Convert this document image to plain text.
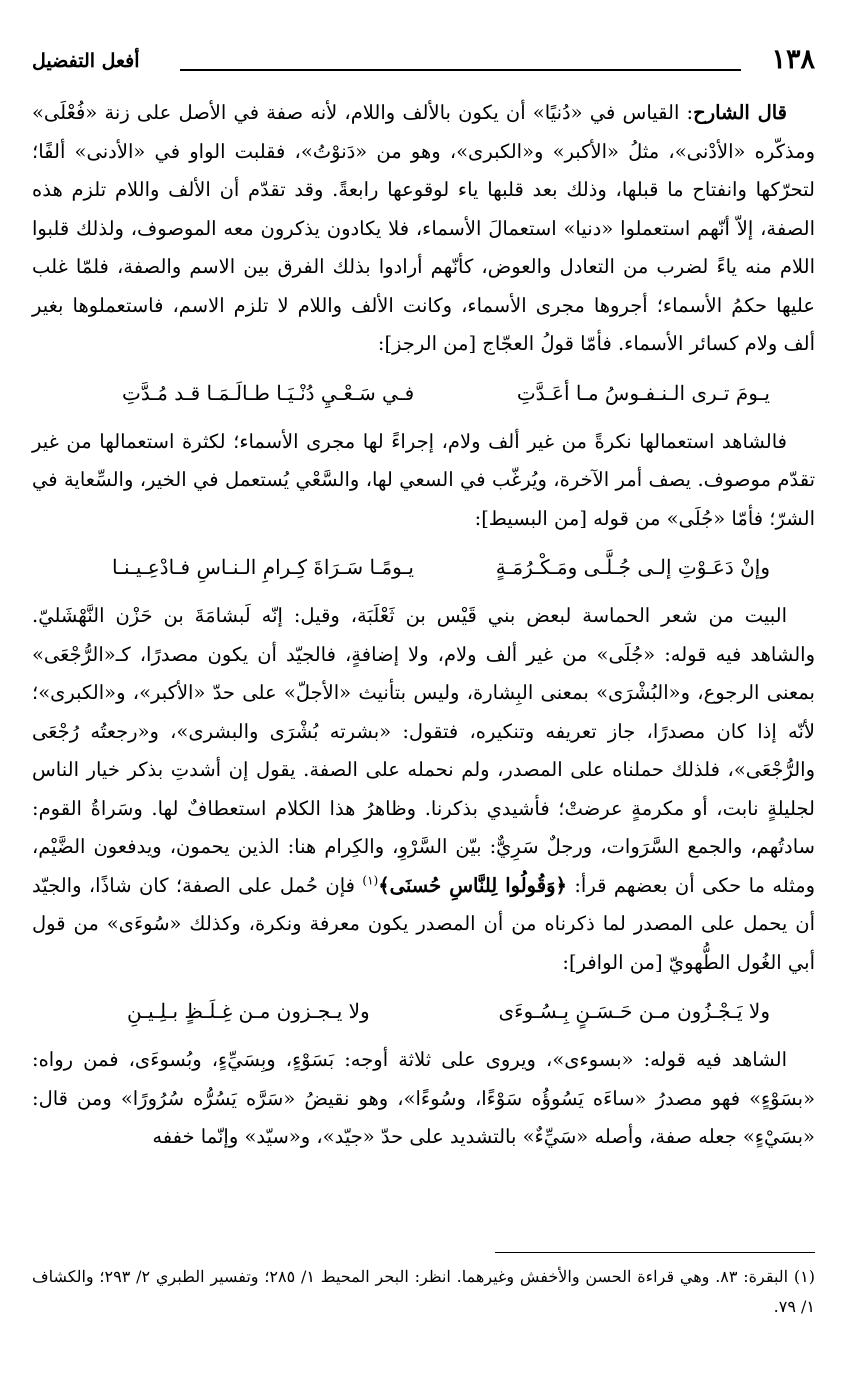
١٣٨
أفعل التفضيل

قال الشارح: القياس في «دُنيًا» أن يكون بالألف واللام، لأنه صفة في الأصل على زنة «فُعْلَى» ومذكّره «الأدْنى»، مثلُ «الأكبر» و«الكبرى»، وهو من «دَنوْتُ»، فقلبت الواو في «الأدنى» ألفًا؛ لتحرّكها وانفتاح ما قبلها، وذلك بعد قلبها ياء لوقوعها رابعةً. وقد تقدّم أن الألف واللام تلزم هذه الصفة، إلاّ أنّهم استعملوا «دنيا» استعمالَ الأسماء، فلا يكادون يذكرون معه الموصوف، ولذلك قلبوا اللام منه ياءً لضرب من التعادل والعوض، كأنّهم أرادوا بذلك الفرق بين الاسم والصفة، فلمّا غلب عليها حكمُ الأسماء؛ أجروها مجرى الأسماء، وكانت الألف واللام لا تلزم الاسم، فاستعملوها بغير ألف ولام كسائر الأسماء. فأمّا قولُ العجّاج [من الرجز]:

يـومَ تـرى الـنـفـوسُ مـا أعَـدَّتِ
فـي سَـعْـيِ دُنْـيَـا طـالَـمَـا قـد مُـدَّتِ

فالشاهد استعمالها نكرةً من غير ألف ولام، إجراءً لها مجرى الأسماء؛ لكثرة استعمالها من غير تقدّم موصوف. يصف أمر الآخرة، ويُرغّب في السعي لها، والسَّعْي يُستعمل في الخير، والسِّعاية في الشرّ؛ فأمّا «جُلَى» من قوله [من البسيط]:

وإنْ دَعَـوْتِ إلـى جُـلَّـى ومَـكْـرُمَـةٍ
يـومًـا سَـرَاةَ كِـرامِ الـنـاسِ فـادْعِـيـنـا

البيت من شعر الحماسة لبعض بني قَيْس بن ثَعْلَبَة، وقيل: إنّه لَبشامَةَ بن حَزْن النَّهْشَليّ. والشاهد فيه قوله: «جُلَى» من غير ألف ولام، ولا إضافةٍ، فالجيّد أن يكون مصدرًا، كـ«الرُّجْعَى» بمعنى الرجوع، و«البُشْرَى» بمعنى البِشارة، وليس بتأنيث «الأجلّ» على حدّ «الأكبر»، و«الكبرى»؛ لأنّه إذا كان مصدرًا، جاز تعريفه وتنكيره، فتقول: «بشرته بُشْرَى والبشرى»، و«رجعتُه رُجْعَى والرُّجْعَى»، فلذلك حملناه على المصدر، ولم نحمله على الصفة. يقول إن أشدتِ بذكر خيار الناس لجليلةٍ نابت، أو مكرمةٍ عرضتْ؛ فأشيدي بذكرنا. وظاهرُ هذا الكلام استعطافٌ لها. وسَراةُ القوم: سادتُهم، والجمع السَّرَوات، ورجلٌ سَرِيٌّ: بيّن السَّرْوِ، والكِرام هنا: الذين يحمون، ويدفعون الضَّيْم، ومثله ما حكى أن بعضهم قرأ: ﴿وَقُولُوا لِلنَّاسِ حُسنَى﴾$^{(١)}$ فإن حُمل على الصفة؛ كان شاذًا، والجيّد أن يحمل على المصدر لما ذكرناه من أن المصدر يكون معرفة ونكرة، وكذلك «سُوءَى» من قول أبي الغُول الطُّهويّ [من الوافر]:

ولا يَـجْـزُون مـن حَـسَـنٍ بِـسُـوءَى
ولا يـجـزون مـن غِـلَـظٍ بـلِـيـنِ

الشاهد فيه قوله: «بسوءى»، ويروى على ثلاثة أوجه: بَسَوْءٍ، وبِسَيِّءٍ، وبُسوءَى، فمن رواه: «بسَوْءٍ» فهو مصدرُ «ساءَه يَسُوؤُه سَوْءًا، وسُوءًا»، وهو نقيضُ «سَرَّه يَسُرُّه سُرُورًا» ومن قال: «بسَيْءٍ» جعله صفة، وأصله «سَيِّءٌ» بالتشديد على حدّ «جيّد»، و«سيّد» وإنّما خففه

(١) البقرة: ٨٣. وهي قراءة الحسن والأخفش وغيرهما. انظر: البحر المحيط ١/ ٢٨٥؛ وتفسير الطبري ٢/ ٢٩٣؛ والكشاف ١/ ٧٩.
